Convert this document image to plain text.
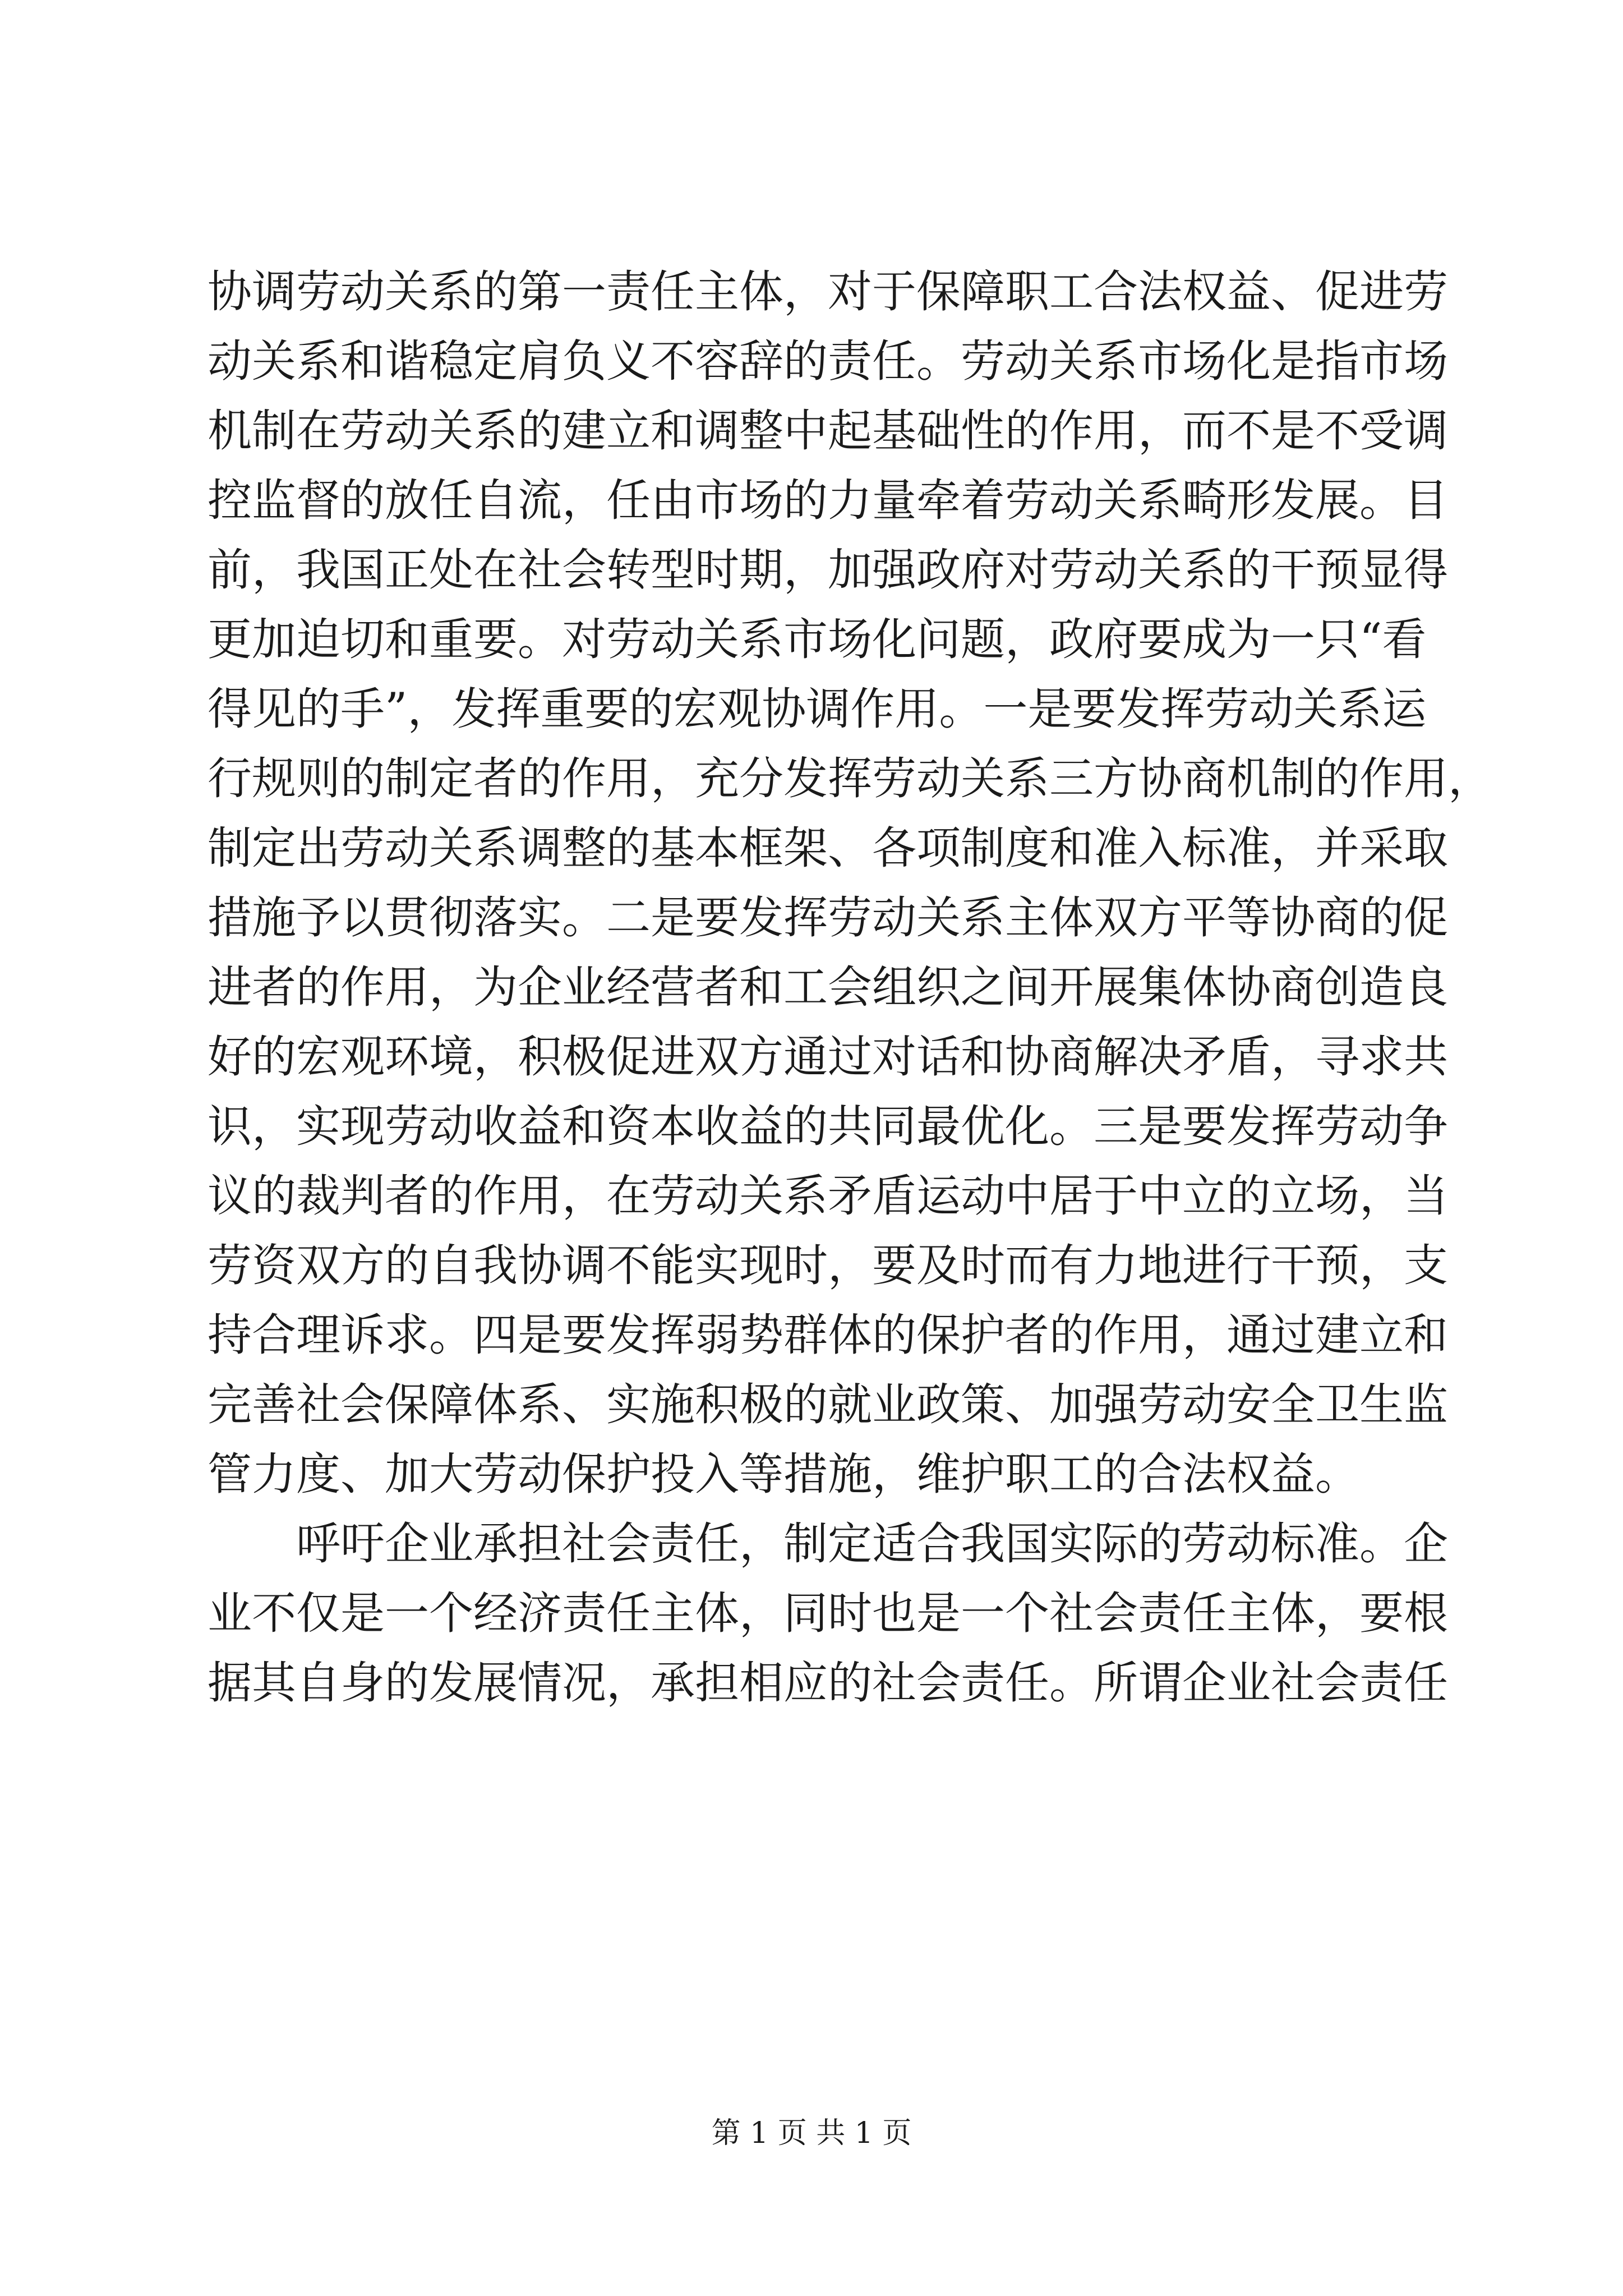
协调劳动关系的第一责任主体，对于保障职工合法权益、促进劳
动关系和谐稳定肩负义不容辞的责任。劳动关系市场化是指市场
机制在劳动关系的建立和调整中起基础性的作用，而不是不受调
控监督的放任自流，任由市场的力量牵着劳动关系畸形发展。目
前，我国正处在社会转型时期，加强政府对劳动关系的干预显得
更加迫切和重要。对劳动关系市场化问题，政府要成为一只“看
得见的手”，发挥重要的宏观协调作用。一是要发挥劳动关系运
行规则的制定者的作用，充分发挥劳动关系三方协商机制的作用，
制定出劳动关系调整的基本框架、各项制度和准入标准，并采取
措施予以贯彻落实。二是要发挥劳动关系主体双方平等协商的促
进者的作用，为企业经营者和工会组织之间开展集体协商创造良
好的宏观环境，积极促进双方通过对话和协商解决矛盾，寻求共
识，实现劳动收益和资本收益的共同最优化。三是要发挥劳动争
议的裁判者的作用，在劳动关系矛盾运动中居于中立的立场，当
劳资双方的自我协调不能实现时，要及时而有力地进行干预，支
持合理诉求。四是要发挥弱势群体的保护者的作用，通过建立和
完善社会保障体系、实施积极的就业政策、加强劳动安全卫生监
管力度、加大劳动保护投入等措施，维护职工的合法权益。
呼吁企业承担社会责任，制定适合我国实际的劳动标准。企
业不仅是一个经济责任主体，同时也是一个社会责任主体，要根
据其自身的发展情况，承担相应的社会责任。所谓企业社会责任
第 1 页 共 1 页
